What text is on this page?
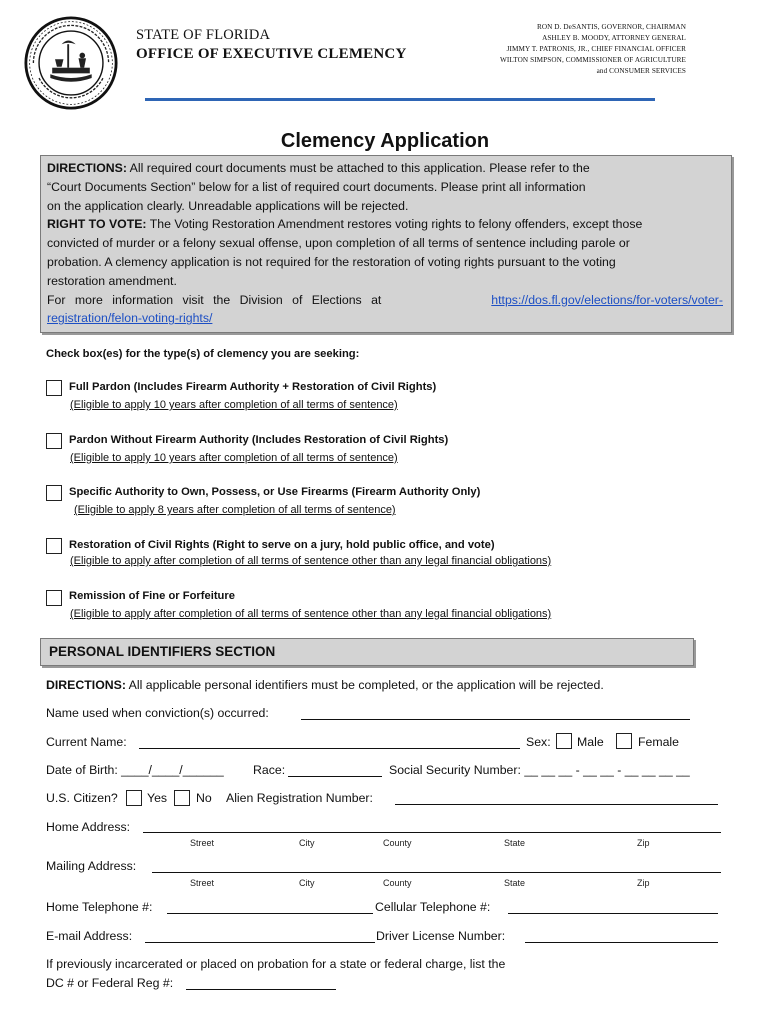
STATE OF FLORIDA
OFFICE OF EXECUTIVE CLEMENCY
RON D. DeSANTIS, GOVERNOR, CHAIRMAN
ASHLEY B. MOODY, ATTORNEY GENERAL
JIMMY T. PATRONIS, JR., CHIEF FINANCIAL OFFICER
WILTON SIMPSON, COMMISSIONER OF AGRICULTURE
and CONSUMER SERVICES
Clemency Application

DIRECTIONS: All required court documents must be attached to this application. Please refer to the

“Court Documents Section” below for a list of required court documents. Please print all information

on the application clearly. Unreadable applications will be rejected.

RIGHT TO VOTE: The Voting Restoration Amendment restores voting rights to felony offenders, except those

convicted of murder or a felony sexual offense, upon completion of all terms of sentence including parole or

probation. A clemency application is not required for the restoration of voting rights pursuant to the voting

restoration amendment.

For more information visit the Division of Elections at	https://dos.fl.gov/elections/for-voters/voter-

registration/felon-voting-rights/

Check box(es) for the type(s) of clemency you are seeking:
Full Pardon (Includes Firearm Authority + Restoration of Civil Rights)
(Eligible to apply 10 years after completion of all terms of sentence)
Pardon Without Firearm Authority (Includes Restoration of Civil Rights)
(Eligible to apply 10 years after completion of all terms of sentence)
Specific Authority to Own, Possess, or Use Firearms (Firearm Authority Only)
(Eligible to apply 8 years after completion of all terms of sentence)
Restoration of Civil Rights (Right to serve on a jury, hold public office, and vote)
(Eligible to apply after completion of all terms of sentence other than any legal financial obligations)
Remission of Fine or Forfeiture
(Eligible to apply after completion of all terms of sentence other than any legal financial obligations)
PERSONAL IDENTIFIERS SECTION
DIRECTIONS: All applicable personal identifiers must be completed, or the application will be rejected.
Name used when conviction(s) occurred:
Current Name:	Sex: Male	Female
Date of Birth: ____/____/______ Race:	Social Security Number: __ __ __ - __ __ - __ __ __ __
U.S. Citizen? Yes No Alien Registration Number:
Home Address:
Street	City	County	State	Zip
Mailing Address:
Street	City	County	State	Zip
Home Telephone #:	Cellular Telephone #:
E-mail Address:	Driver License Number:
If previously incarcerated or placed on probation for a state or federal charge, list the
DC # or Federal Reg #:
